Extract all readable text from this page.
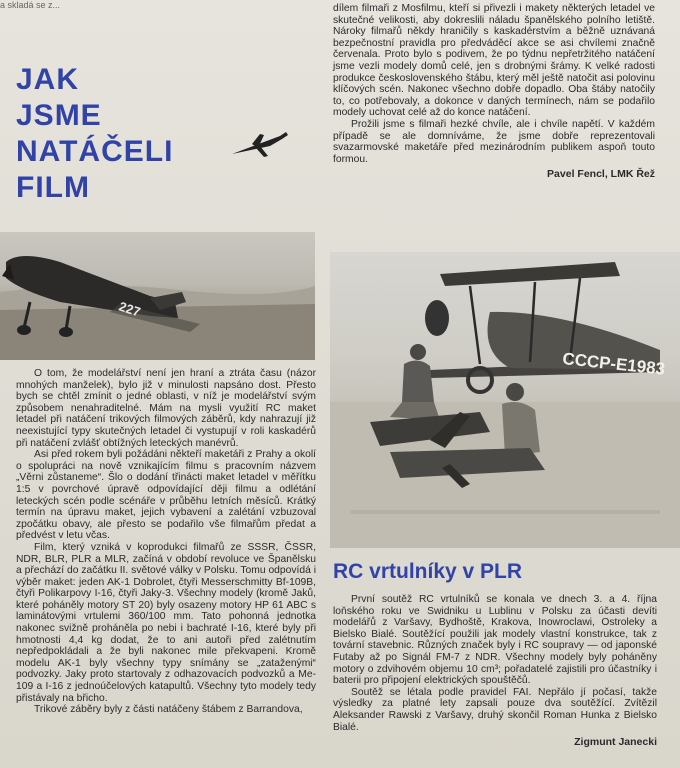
a skladá se z...
JAK
JSME
NATÁČELI
FILM
227
CCCP-E1983

dílem filmaři z Mosfilmu, kteří si přivezli i makety některých letadel ve skutečné velikosti, aby dokreslili náladu španělského polního letiště. Nároky filmařů někdy hraničily s kaskadérstvím a běžně uznávaná bezpečnostní pravidla pro předváděcí akce se asi chvílemi značně červenala. Proto bylo s podivem, že po týdnu nepřetržitého natáčení jsme vezli modely domů celé, jen s drobnými šrámy. K velké radosti produkce československého štábu, který měl ještě natočit asi polovinu klíčových scén. Nakonec všechno dobře dopadlo. Oba štáby natočily to, co potřebovaly, a dokonce v daných termínech, nám se podařilo modely uchovat celé až do konce natáčení.

Prožili jsme s filmaři hezké chvíle, ale i chvíle napětí. V každém případě se ale domníváme, že jsme dobře reprezentovali svazarmovské maketáře před mezinárodním publikem aspoň touto formou.

Pavel Fencl, LMK Řež

O tom, že modelářství není jen hraní a ztráta času (názor mnohých manželek), bylo již v minulosti napsáno dost. Přesto bych se chtěl zmínit o jedné oblasti, v níž je modelářství svým způsobem nenahraditelné. Mám na mysli využití RC maket letadel při natáčení trikových filmových záběrů, kdy nahrazují již neexistující typy skutečných letadel či vystupují v roli kaskadérů při natáčení zvlášť obtížných leteckých manévrů.

Asi před rokem byli požádáni někteří maketáři z Prahy a okolí o spolupráci na nově vznikajícím filmu s pracovním názvem „Věrni zůstaneme“. Šlo o dodání třinácti maket letadel v měřítku 1:5 v povrchové úpravě odpovídající ději filmu a odlétání leteckých scén podle scénáře v průběhu letních měsíců. Krátký termín na úpravu maket, jejich vybavení a zalétání vzbuzoval zpočátku obavy, ale přesto se podařilo vše filmařům předat a předvést v letu včas.

Film, který vzniká v koprodukci filmařů ze SSSR, ČSSR, NDR, BLR, PLR a MLR, začíná v období revoluce ve Španělsku a přechází do začátku II. světové války v Polsku. Tomu odpovídá i výběr maket: jeden AK-1 Dobrolet, čtyři Messerschmitty Bf-109B, čtyři Polikarpovy I-16, čtyři Jaky-3. Všechny modely (kromě Jaků, které poháněly motory ST 20) byly osazeny motory HP 61 ABC s laminátovými vrtulemi 360/100 mm. Tato pohonná jednotka nakonec svižně proháněla po nebi i bachraté I-16, které byly při hmotnosti 4,4 kg dodat, že to ani autoři před zalétnutím nepředpokládali a že byli nakonec mile překvapeni. Kromě modelu AK-1 byly všechny typy snímány se „zataženými“ podvozky. Jaky proto startovaly z odhazovacích podvozků a Me-109 a I-16 z jednoúčelových katapultů. Všechny tyto modely tedy přistávaly na břicho.

Trikové záběry byly z části natáčeny štábem z Barrandova,

RC vrtulníky v PLR

První soutěž RC vrtulníků se konala ve dnech 3. a 4. října loňského roku ve Swidniku u Lublinu v Polsku za účasti devíti modelářů z Varšavy, Bydhoště, Krakova, Inowroclawi, Ostroleky a Bielsko Bialé. Soutěžící použili jak modely vlastní konstrukce, tak z tovární stavebnic. Různých značek byly i RC soupravy — od japonské Futaby až po Signál FM-7 z NDR. Všechny modely byly poháněny motory o zdvihovém objemu 10 cm³; pořadatelé zajistili pro účastníky i baterii pro připojení elektrických spouštěčů.

Soutěž se létala podle pravidel FAI. Nepřálo jí počasí, takže výsledky za platné lety zapsali pouze dva soutěžící. Zvítězil Aleksander Rawski z Varšavy, druhý skončil Roman Hunka z Bielsko Bialé.

Zigmunt Janecki
